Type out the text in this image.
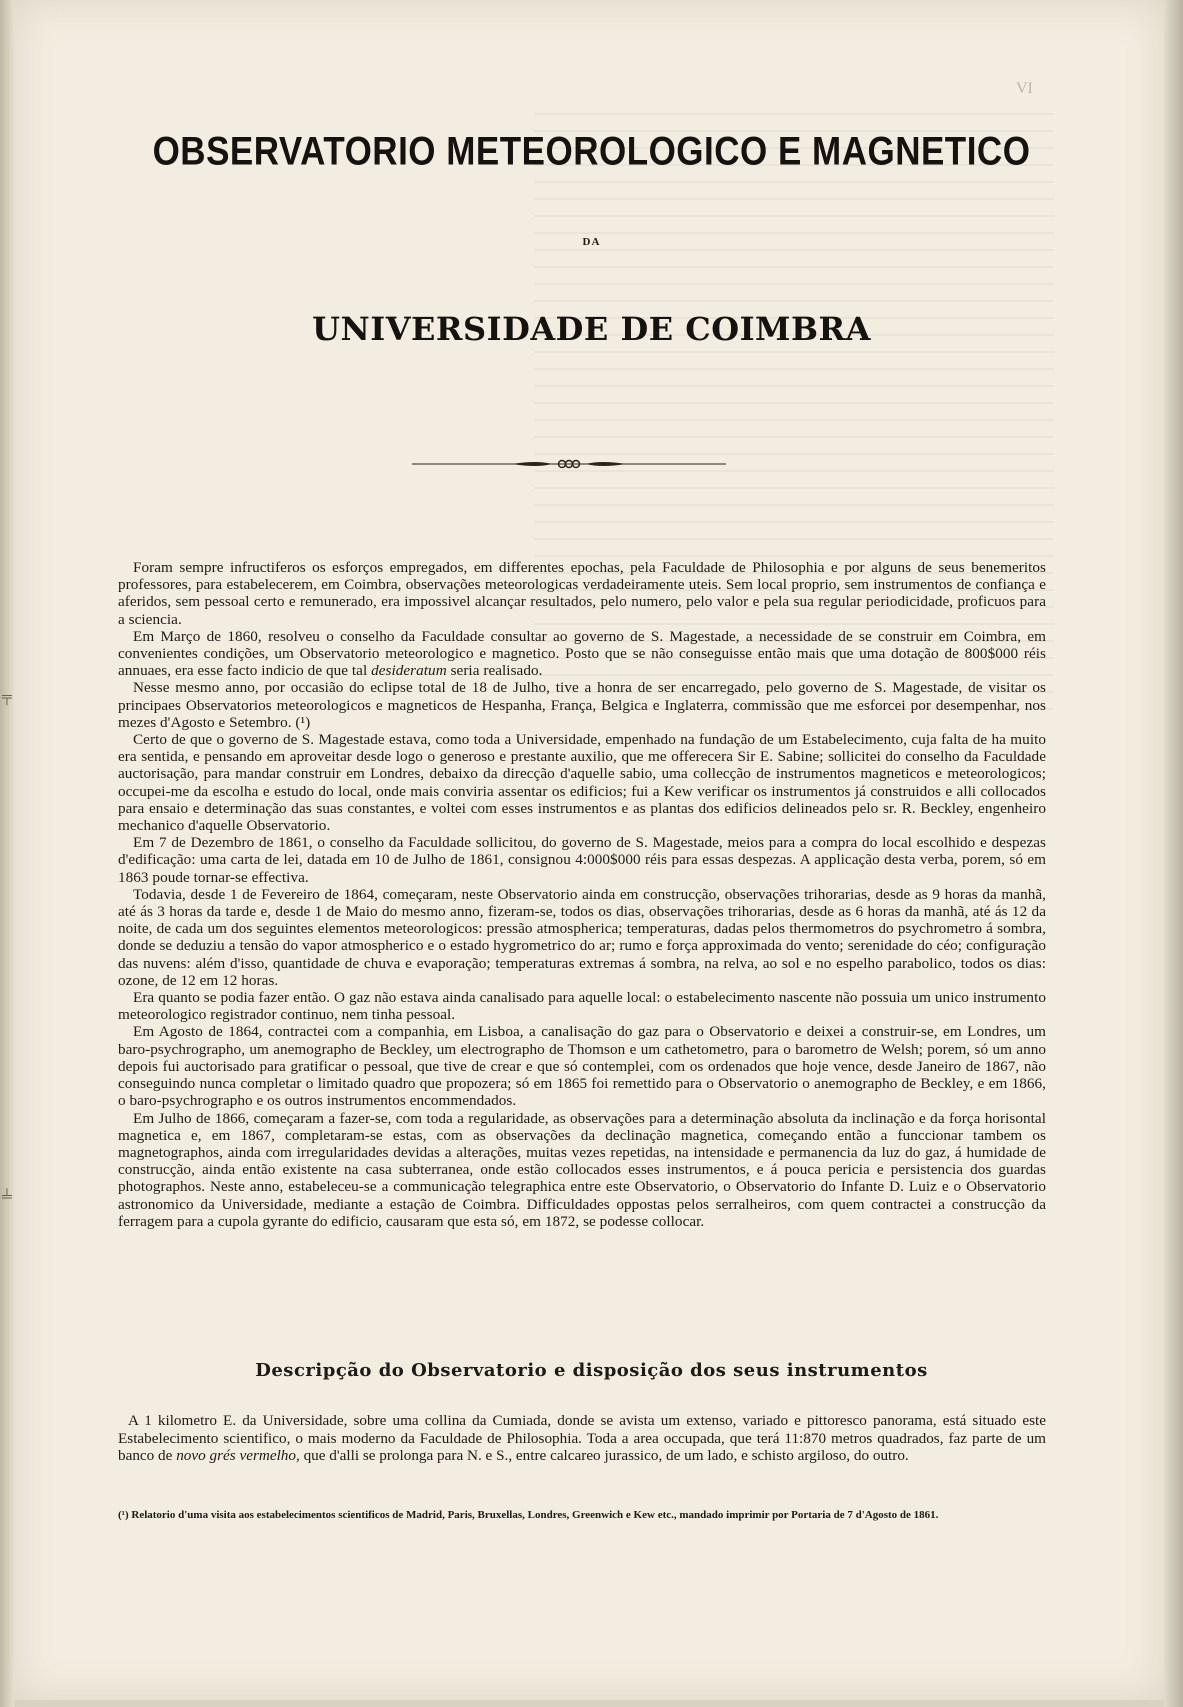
VI
OBSERVATORIO METEOROLOGICO E MAGNETICO
DA
UNIVERSIDADE DE COIMBRA

Foram sempre infructiferos os esforços empregados, em differentes epochas, pela Faculdade de Philosophia e por alguns de seus benemeritos professores, para estabelecerem, em Coimbra, observações meteorologicas verdadeiramente uteis. Sem local proprio, sem instrumentos de confiança e aferidos, sem pessoal certo e remunerado, era impossivel alcançar resultados, pelo numero, pelo valor e pela sua regular periodicidade, proficuos para a sciencia.

Em Março de 1860, resolveu o conselho da Faculdade consultar ao governo de S. Magestade, a necessidade de se construir em Coimbra, em convenientes condições, um Observatorio meteorologico e magnetico. Posto que se não conseguisse então mais que uma dotação de 800$000 réis annuaes, era esse facto indicio de que tal desideratum seria realisado.

Nesse mesmo anno, por occasião do eclipse total de 18 de Julho, tive a honra de ser encarregado, pelo governo de S. Magestade, de visitar os principaes Observatorios meteorologicos e magneticos de Hespanha, França, Belgica e Inglaterra, commissão que me esforcei por desempenhar, nos mezes d'Agosto e Setembro. (¹)

Certo de que o governo de S. Magestade estava, como toda a Universidade, empenhado na fundação de um Estabelecimento, cuja falta de ha muito era sentida, e pensando em aproveitar desde logo o generoso e prestante auxilio, que me offerecera Sir E. Sabine; sollicitei do conselho da Faculdade auctorisação, para mandar construir em Londres, debaixo da direcção d'aquelle sabio, uma collecção de instrumentos magneticos e meteorologicos; occupei-me da escolha e estudo do local, onde mais conviria assentar os edificios; fui a Kew verificar os instrumentos já construidos e alli collocados para ensaio e determinação das suas constantes, e voltei com esses instrumentos e as plantas dos edificios delineados pelo sr. R. Beckley, engenheiro mechanico d'aquelle Observatorio.

Em 7 de Dezembro de 1861, o conselho da Faculdade sollicitou, do governo de S. Magestade, meios para a compra do local escolhido e despezas d'edificação: uma carta de lei, datada em 10 de Julho de 1861, consignou 4:000$000 réis para essas despezas. A applicação desta verba, porem, só em 1863 poude tornar-se effectiva.

Todavia, desde 1 de Fevereiro de 1864, começaram, neste Observatorio ainda em construcção, observações trihorarias, desde as 9 horas da manhã, até ás 3 horas da tarde e, desde 1 de Maio do mesmo anno, fizeram-se, todos os dias, observações trihorarias, desde as 6 horas da manhã, até ás 12 da noite, de cada um dos seguintes elementos meteorologicos: pressão atmospherica; temperaturas, dadas pelos thermometros do psychrometro á sombra, donde se deduziu a tensão do vapor atmospherico e o estado hygrometrico do ar; rumo e força approximada do vento; serenidade do céo; configuração das nuvens: além d'isso, quantidade de chuva e evaporação; temperaturas extremas á sombra, na relva, ao sol e no espelho parabolico, todos os dias: ozone, de 12 em 12 horas.

Era quanto se podia fazer então. O gaz não estava ainda canalisado para aquelle local: o estabelecimento nascente não possuia um unico instrumento meteorologico registrador continuo, nem tinha pessoal.

Em Agosto de 1864, contractei com a companhia, em Lisboa, a canalisação do gaz para o Observatorio e deixei a construir-se, em Londres, um baro-psychrographo, um anemographo de Beckley, um electrographo de Thomson e um cathetometro, para o barometro de Welsh; porem, só um anno depois fui auctorisado para gratificar o pessoal, que tive de crear e que só contemplei, com os ordenados que hoje vence, desde Janeiro de 1867, não conseguindo nunca completar o limitado quadro que propozera; só em 1865 foi remettido para o Observatorio o anemographo de Beckley, e em 1866, o baro-psychrographo e os outros instrumentos encommendados.

Em Julho de 1866, começaram a fazer-se, com toda a regularidade, as observações para a determinação absoluta da inclinação e da força horisontal magnetica e, em 1867, completaram-se estas, com as observações da declinação magnetica, começando então a funccionar tambem os magnetographos, ainda com irregularidades devidas a alterações, muitas vezes repetidas, na intensidade e permanencia da luz do gaz, á humidade de construcção, ainda então existente na casa subterranea, onde estão collocados esses instrumentos, e á pouca pericia e persistencia dos guardas photographos. Neste anno, estabeleceu-se a communicação telegraphica entre este Observatorio, o Observatorio do Infante D. Luiz e o Observatorio astronomico da Universidade, mediante a estação de Coimbra. Difficuldades oppostas pelos serralheiros, com quem contractei a construcção da ferragem para a cupola gyrante do edificio, causaram que esta só, em 1872, se podesse collocar.

Descripção do Observatorio e disposição dos seus instrumentos

A 1 kilometro E. da Universidade, sobre uma collina da Cumiada, donde se avista um extenso, variado e pittoresco panorama, está situado este Estabelecimento scientifico, o mais moderno da Faculdade de Philosophia. Toda a area occupada, que terá 11:870 metros quadrados, faz parte de um banco de novo grés vermelho, que d'alli se prolonga para N. e S., entre calcareo jurassico, de um lado, e schisto argiloso, do outro.

(¹) Relatorio d'uma visita aos estabelecimentos scientificos de Madrid, Paris, Bruxellas, Londres, Greenwich e Kew etc., mandado imprimir por Portaria de 7 d'Agosto de 1861.
╤
╧
